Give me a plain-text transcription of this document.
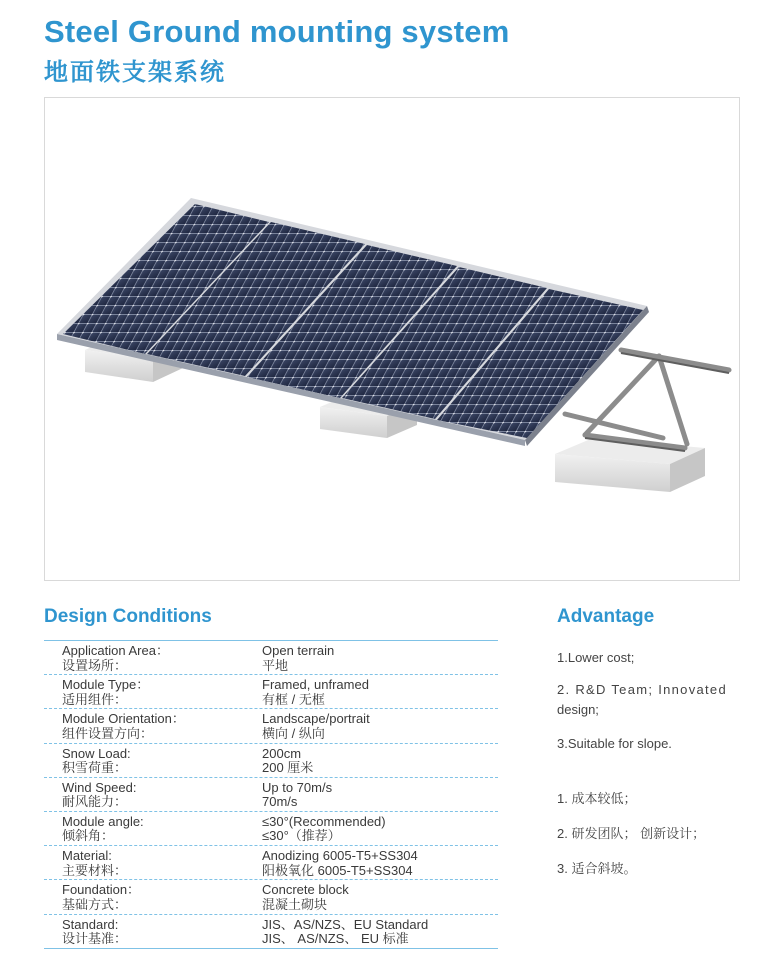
Steel Ground mounting system
地面铁支架系统
Design Conditions	Advantage
Application Area：
设置场所：
Open terrain
平地
Module Type：
适用组件：
Framed, unframed
有框 / 无框
Module Orientation：
组件设置方向：
Landscape/portrait
横向 / 纵向
Snow Load:
积雪荷重：
200cm
200 厘米
Wind Speed:
耐风能力：
Up to 70m/s
70m/s
Module angle:
倾斜角：
≤30°(Recommended)
≤30°（推荐）
Material:
主要材料：
Anodizing 6005-T5+SS304
阳极氧化 6005-T5+SS304
Foundation：
基础方式：
Concrete block
混凝土砌块
Standard:
设计基准：
JIS、AS/NZS、EU Standard
JIS、 AS/NZS、 EU 标准
1.Lower cost;
2. R&D Team; Innovated
design;
3.Suitable for slope.
1. 成本较低；
2. 研发团队； 创新设计；
3. 适合斜坡。
